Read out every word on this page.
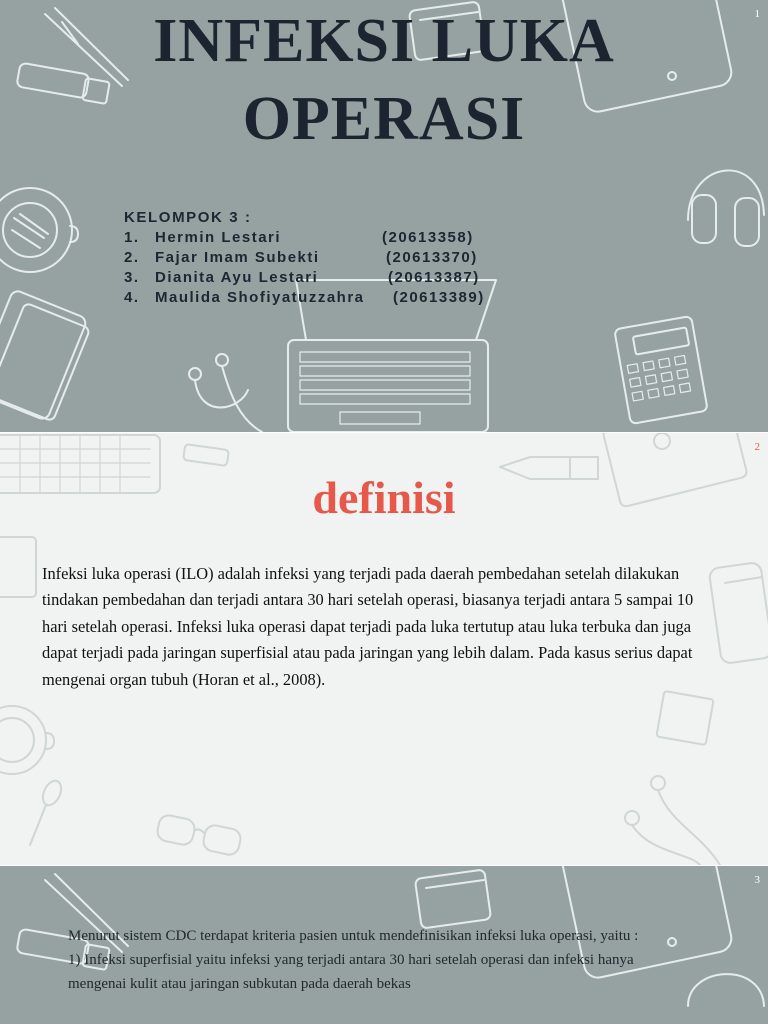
1
INFEKSI LUKA
OPERASI
KELOMPOK 3 :
1. Hermin Lestari	(20613358)
2. Fajar Imam Subekti	(20613370)
3. Dianita Ayu Lestari	(20613387)
4. Maulida Shofiyatuzzahra (20613389)
2
definisi

Infeksi luka operasi (ILO) adalah infeksi yang terjadi pada daerah pembedahan setelah dilakukan tindakan pembedahan dan terjadi antara 30 hari setelah operasi, biasanya terjadi antara 5 sampai 10 hari setelah operasi. Infeksi luka operasi dapat terjadi pada luka tertutup atau luka terbuka dan juga dapat terjadi pada jaringan superfisial atau pada jaringan yang lebih dalam. Pada kasus serius dapat mengenai organ tubuh (Horan et al., 2008).

3

Menurut sistem CDC terdapat kriteria pasien untuk mendefinisikan infeksi luka operasi, yaitu :

1) Infeksi superfisial yaitu infeksi yang terjadi antara 30 hari setelah operasi dan infeksi hanya mengenai kulit atau jaringan subkutan pada daerah bekas
